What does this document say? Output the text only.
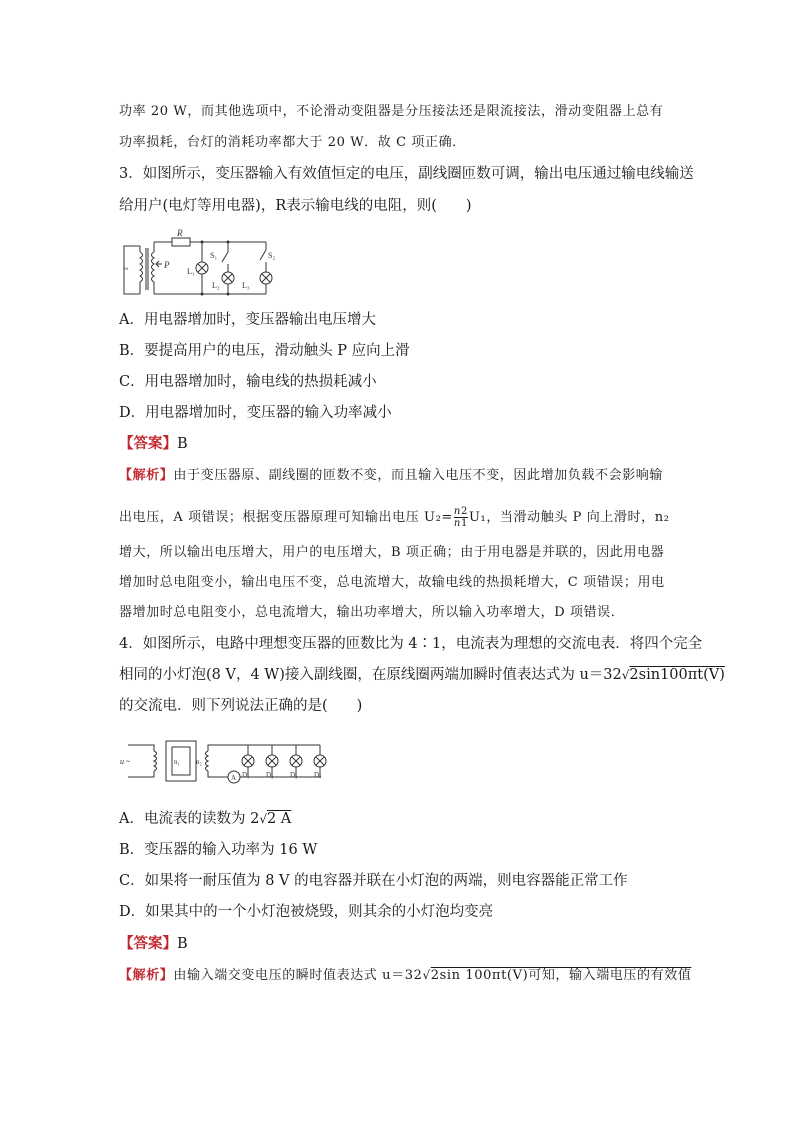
功率 20 W，而其他选项中，不论滑动变阻器是分压接法还是限流接法，滑动变阻器上总有
功率损耗，台灯的消耗功率都大于 20 W．故 C 项正确．
3．如图所示，变压器输入有效值恒定的电压，副线圈匝数可调，输出电压通过输电线输送
给用户(电灯等用电器)，R表示输电线的电阻，则(　　)
~
R
P
S₁	S₂
L₁
L₂	L₃
A．用电器增加时，变压器输出电压增大
B．要提高用户的电压，滑动触头 P 应向上滑
C．用电器增加时，输电线的热损耗减小
D．用电器增加时，变压器的输入功率减小
【答案】B
【解析】由于变压器原、副线圈的匝数不变，而且输入电压不变，因此增加负载不会影响输
出电压，A 项错误；根据变压器原理可知输出电压 $U_2= \frac{n2}{n1} U_1$，当滑动触头 P 向上滑时，n₂
增大，所以输出电压增大，用户的电压增大，B 项正确；由于用电器是并联的，因此用电器
增加时总电阻变小，输出电压不变，总电流增大，故输电线的热损耗增大，C 项错误；用电
器增加时总电阻变小，总电流增大，输出功率增大，所以输入功率增大，D 项错误．
4．如图所示，电路中理想变压器的匝数比为 4∶1，电流表为理想的交流电表．将四个完全
相同的小灯泡(8 V，4 W)接入副线圈，在原线圈两端加瞬时值表达式为 u＝32√2sin100πt(V)
的交流电．则下列说法正确的是(　　)
u ~	n₁ n₂
A D₁ D₂ D₃ D₄
A．电流表的读数为 2√2 A
B．变压器的输入功率为 16 W
C．如果将一耐压值为 8 V 的电容器并联在小灯泡的两端，则电容器能正常工作
D．如果其中的一个小灯泡被烧毁，则其余的小灯泡均变亮
【答案】B
【解析】由输入端交变电压的瞬时值表达式 u＝32√2sin 100πt(V)可知，输入端电压的有效值
